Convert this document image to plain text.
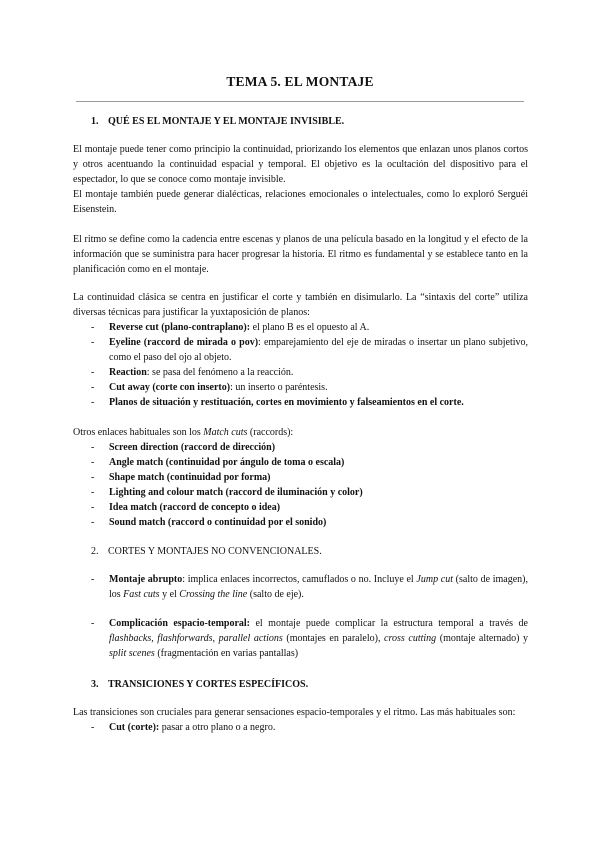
TEMA 5. EL MONTAJE
1. QUÉ ES EL MONTAJE Y EL MONTAJE INVISIBLE.

El montaje puede tener como principio la continuidad, priorizando los elementos que enlazan unos planos cortos y otros acentuando la continuidad espacial y temporal. El objetivo es la ocultación del dispositivo para el espectador, lo que se conoce como montaje invisible.

El montaje también puede generar dialécticas, relaciones emocionales o intelectuales, como lo exploró Serguéi Eisenstein.

El ritmo se define como la cadencia entre escenas y planos de una película basado en la longitud y el efecto de la información que se suministra para hacer progresar la historia. El ritmo es fundamental y se establece tanto en la planificación como en el montaje.

La continuidad clásica se centra en justificar el corte y también en disimularlo. La “sintaxis del corte” utiliza diversas técnicas para justificar la yuxtaposición de planos:

- Reverse cut (plano-contraplano): el plano B es el opuesto al A.
- Eyeline (raccord de mirada o pov): emparejamiento del eje de miradas o insertar un plano subjetivo, como el paso del ojo al objeto.
- Reaction: se pasa del fenómeno a la reacción.
- Cut away (corte con inserto): un inserto o paréntesis.
- Planos de situación y restituación, cortes en movimiento y falseamientos en el corte.

Otros enlaces habituales son los Match cuts (raccords):

- Screen direction (raccord de dirección)
- Angle match (continuidad por ángulo de toma o escala)
- Shape match (continuidad por forma)
- Lighting and colour match (raccord de iluminación y color)
- Idea match (raccord de concepto o idea)
- Sound match (raccord o continuidad por el sonido)
2. CORTES Y MONTAJES NO CONVENCIONALES.
- Montaje abrupto: implica enlaces incorrectos, camuflados o no. Incluye el Jump cut (salto de imagen), los Fast cuts y el Crossing the line (salto de eje).
- Complicación espacio-temporal: el montaje puede complicar la estructura temporal a través de flashbacks, flashforwards, parallel actions (montajes en paralelo), cross cutting (montaje alternado) y split scenes (fragmentación en varias pantallas)
3. TRANSICIONES Y CORTES ESPECÍFICOS.

Las transiciones son cruciales para generar sensaciones espacio-temporales y el ritmo. Las más habituales son:

- Cut (corte): pasar a otro plano o a negro.
